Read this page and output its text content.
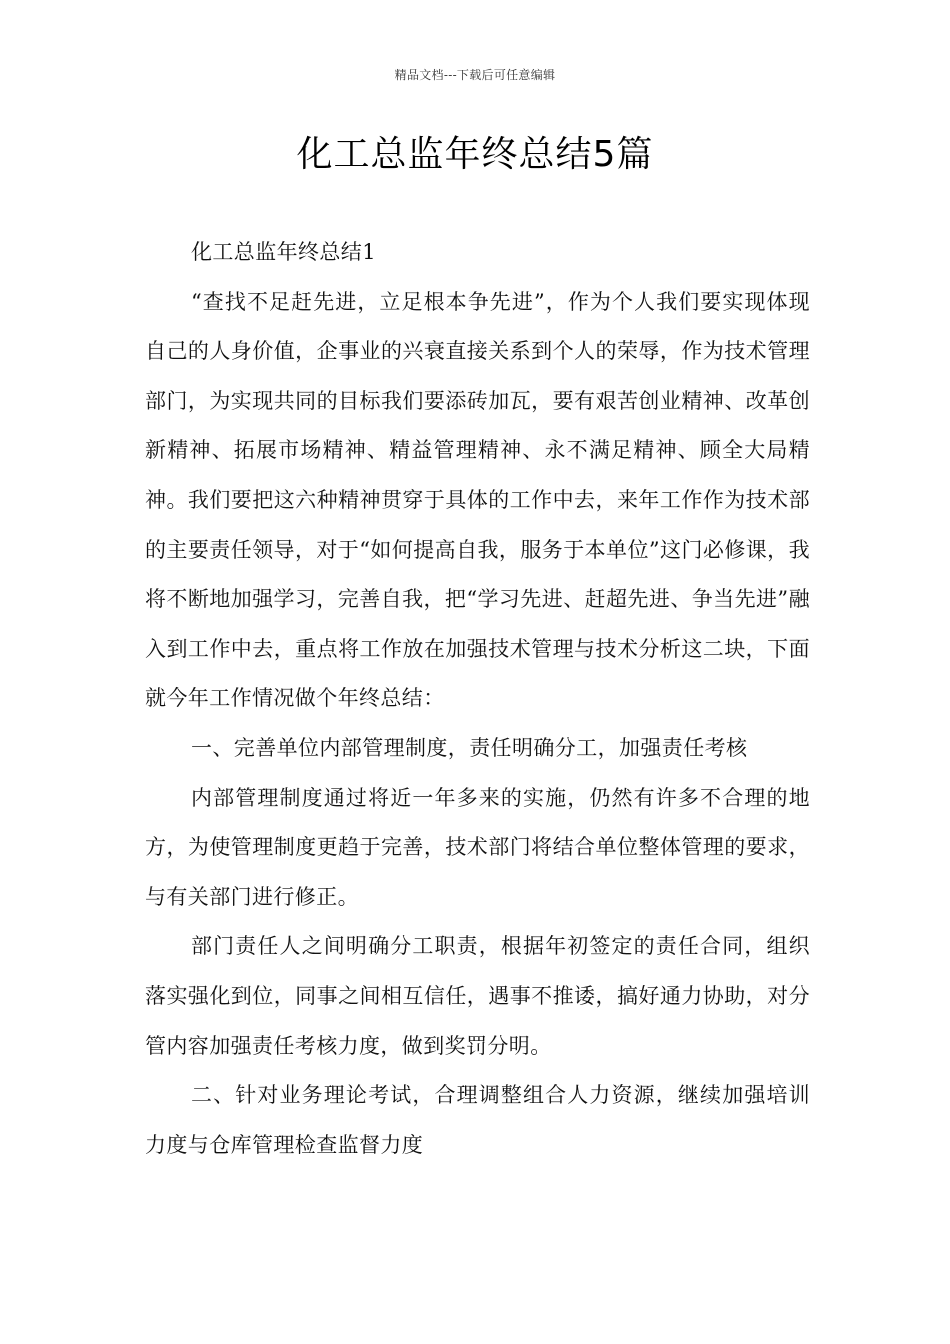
精品文档---下载后可任意编辑
化工总监年终总结5篇

化工总监年终总结1

“查找不足赶先进，立足根本争先进”，作为个人我们要实现体现自己的人身价值，企事业的兴衰直接关系到个人的荣辱，作为技术管理部门，为实现共同的目标我们要添砖加瓦，要有艰苦创业精神、改革创新精神、拓展市场精神、精益管理精神、永不满足精神、顾全大局精神。我们要把这六种精神贯穿于具体的工作中去，来年工作作为技术部的主要责任领导，对于“如何提高自我，服务于本单位”这门必修课，我将不断地加强学习，完善自我，把“学习先进、赶超先进、争当先进”融入到工作中去，重点将工作放在加强技术管理与技术分析这二块，下面就今年工作情况做个年终总结：

一、完善单位内部管理制度，责任明确分工，加强责任考核

内部管理制度通过将近一年多来的实施，仍然有许多不合理的地方，为使管理制度更趋于完善，技术部门将结合单位整体管理的要求，与有关部门进行修正。

部门责任人之间明确分工职责，根据年初签定的责任合同，组织落实强化到位，同事之间相互信任，遇事不推诿，搞好通力协助，对分管内容加强责任考核力度，做到奖罚分明。

二、针对业务理论考试，合理调整组合人力资源，继续加强培训力度与仓库管理检查监督力度
